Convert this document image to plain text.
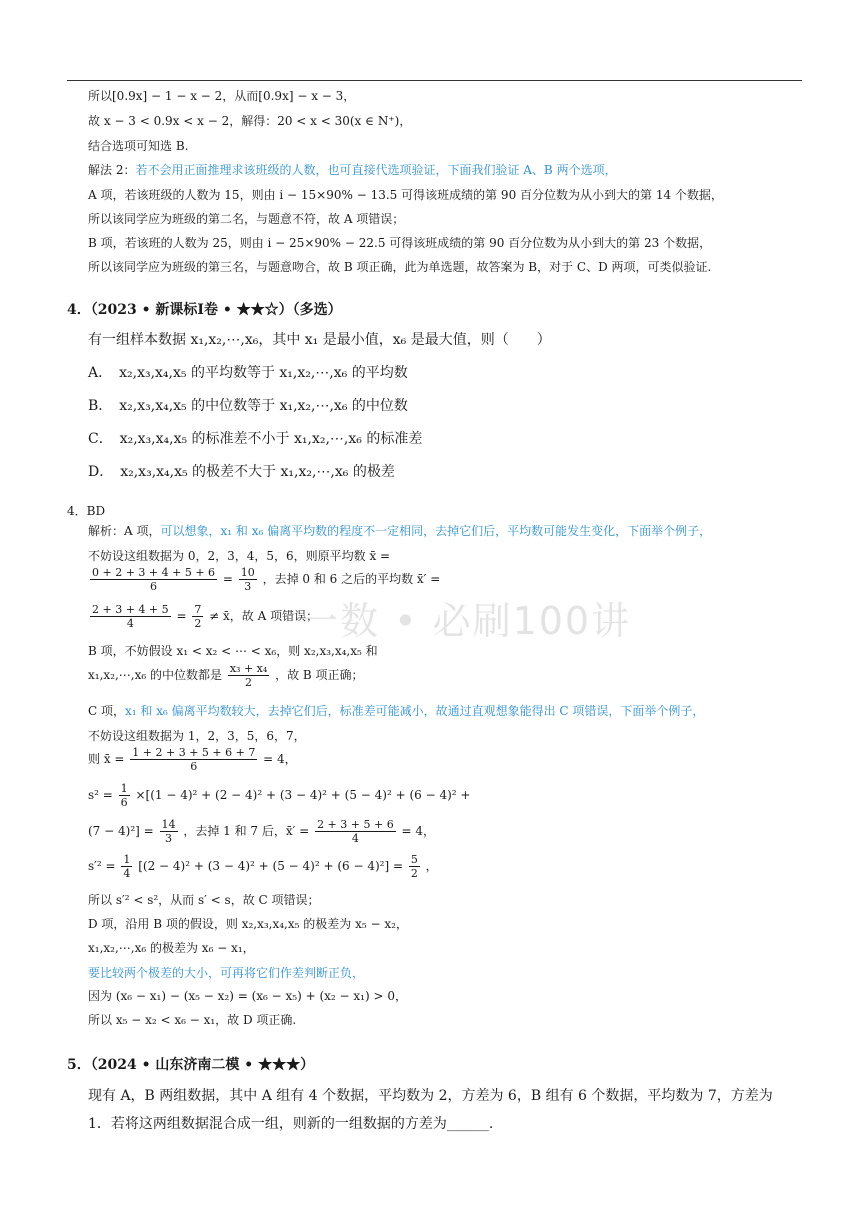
所以[0.9x] − 1 − x − 2，从而[0.9x] − x − 3，
故 x − 3 < 0.9x < x − 2，解得：20 < x < 30(x ∈ N⁺)，
结合选项可知选 B.
解法 2：若不会用正面推理求该班级的人数，也可直接代选项验证，下面我们验证 A、B 两个选项，
A 项，若该班级的人数为 15，则由 i − 15×90% − 13.5 可得该班成绩的第 90 百分位数为从小到大的第 14 个数据，
所以该同学应为班级的第二名，与题意不符，故 A 项错误；
B 项，若该班的人数为 25，则由 i − 25×90% − 22.5 可得该班成绩的第 90 百分位数为从小到大的第 23 个数据，
所以该同学应为班级的第三名，与题意吻合，故 B 项正确，此为单选题，故答案为 B，对于 C、D 两项，可类似验证.
4．（2023 • 新课标Ⅰ卷 • ★★☆）（多选）
有一组样本数据 x₁,x₂,⋯,x₆，其中 x₁ 是最小值，x₆ 是最大值，则（　　）
A．　x₂,x₃,x₄,x₅ 的平均数等于 x₁,x₂,⋯,x₆ 的平均数
B．　x₂,x₃,x₄,x₅ 的中位数等于 x₁,x₂,⋯,x₆ 的中位数
C．　x₂,x₃,x₄,x₅ 的标准差不小于 x₁,x₂,⋯,x₆ 的标准差
D．　x₂,x₃,x₄,x₅ 的极差不大于 x₁,x₂,⋯,x₆ 的极差
4．BD
解析：A 项，可以想象，x₁ 和 x₆ 偏离平均数的程度不一定相同，去掉它们后，平均数可能发生变化，下面举个例子，
不妨设这组数据为 0，2，3，4，5，6，则原平均数 x̄ =
$\frac{0 + 2 + 3 + 4 + 5 + 6}{6} = \frac{10}{3}$ ，去掉 0 和 6 之后的平均数 x̄′ =
$\frac{2 + 3 + 4 + 5}{4} = \frac{7}{2}$ ≠ x̄，故 A 项错误；
B 项，不妨假设 x₁ < x₂ < ⋯ < x₆，则 x₂,x₃,x₄,x₅ 和
x₁,x₂,⋯,x₆ 的中位数都是 $\frac{\text{x₃ + x₄}}{2}$ ，故 B 项正确；
C 项，x₁ 和 x₆ 偏离平均数较大，去掉它们后，标准差可能减小，故通过直观想象能得出 C 项错误，下面举个例子，
不妨设这组数据为 1，2，3，5，6，7，
则 x̄ = $\frac{1 + 2 + 3 + 5 + 6 + 7}{6} = 4$，
$s^2 = \frac{1}{6} \times[(1 - 4)^2 + (2 - 4)^2 + (3 - 4)^2 + (5 - 4)^2 + (6 - 4)^2$ +
$(7 - 4)^2] = \frac{14}{3}$ ，去掉 1 和 7 后，x̄′ = $\frac{2 + 3 + 5 + 6}{4} = 4$，
$s'^2 = \frac{1}{4} [(2 - 4)^2 + (3 - 4)^2 + (5 - 4)^2 + (6 - 4)^2] = \frac{5}{2}$ ，
所以 s′² < s²，从而 s′ < s，故 C 项错误；
D 项，沿用 B 项的假设，则 x₂,x₃,x₄,x₅ 的极差为 x₅ − x₂，
x₁,x₂,⋯,x₆ 的极差为 x₆ − x₁，
要比较两个极差的大小，可再将它们作差判断正负，
因为 (x₆ − x₁) − (x₅ − x₂) = (x₆ − x₅) + (x₂ − x₁) > 0，
所以 x₅ − x₂ < x₆ − x₁，故 D 项正确.
5．（2024 • 山东济南二模 • ★★★）
现有 A，B 两组数据，其中 A 组有 4 个数据，平均数为 2，方差为 6，B 组有 6 个数据，平均数为 7，方差为
1．若将这两组数据混合成一组，则新的一组数据的方差为______.
一数 • 必刷100讲
